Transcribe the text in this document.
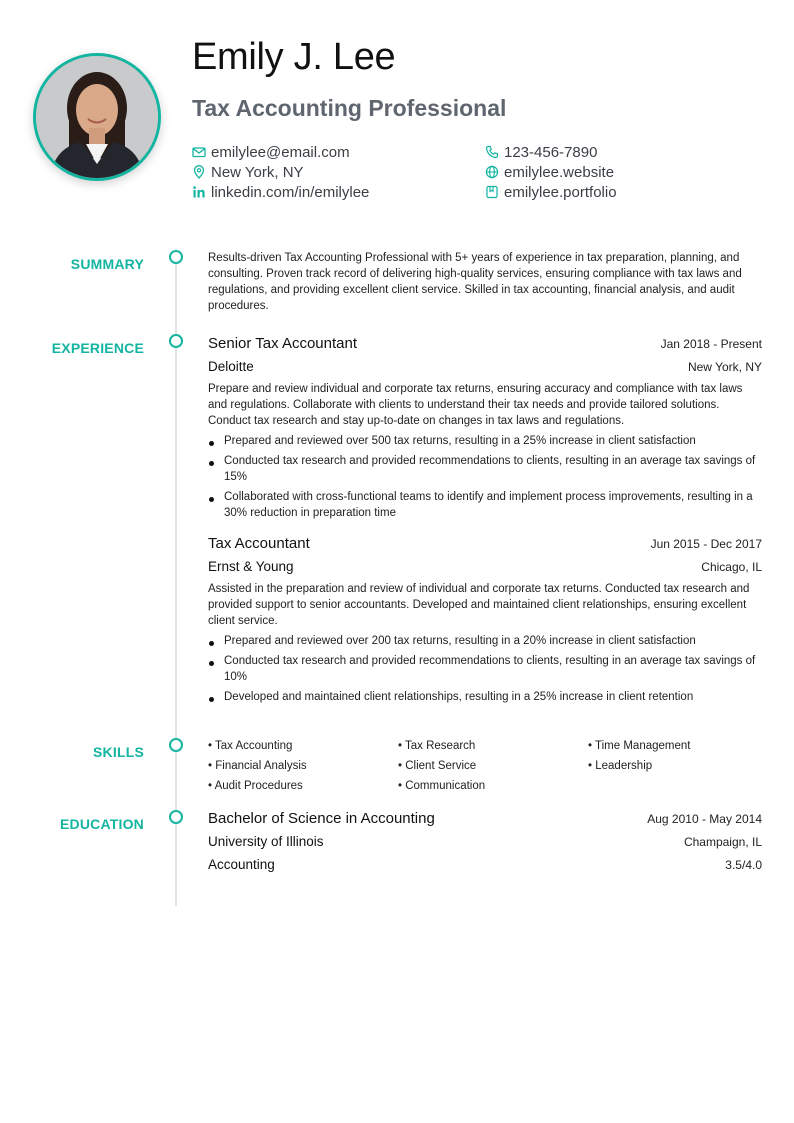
Emily J. Lee
Tax Accounting Professional
emilylee@email.com
New York, NY
linkedin.com/in/emilylee
123-456-7890
emilylee.website
emilylee.portfolio
SUMMARY	Results-driven Tax Accounting Professional with 5+ years of experience in tax preparation, planning, and consulting. Proven track record of delivering high-quality services, ensuring compliance with tax laws and regulations, and providing excellent client service. Skilled in tax accounting, financial analysis, and audit procedures.

EXPERIENCE	Senior Tax Accountant	Jan 2018 - Present
Deloitte	New York, NY

Prepare and review individual and corporate tax returns, ensuring accuracy and compliance with tax laws and regulations. Collaborate with clients to understand their tax needs and provide tailored solutions. Conduct tax research and stay up-to-date on changes in tax laws and regulations.

Prepared and reviewed over 500 tax returns, resulting in a 25% increase in client satisfaction
Conducted tax research and provided recommendations to clients, resulting in an average tax savings of 15%
Collaborated with cross-functional teams to identify and implement process improvements, resulting in a 30% reduction in preparation time
Tax Accountant	Jun 2015 - Dec 2017
Ernst & Young	Chicago, IL

Assisted in the preparation and review of individual and corporate tax returns. Conducted tax research and provided support to senior accountants. Developed and maintained client relationships, ensuring excellent client service.

Prepared and reviewed over 200 tax returns, resulting in a 20% increase in client satisfaction
Conducted tax research and provided recommendations to clients, resulting in an average tax savings of 10%
Developed and maintained client relationships, resulting in a 25% increase in client retention
SKILLS	• Tax Accounting	• Tax Research	• Time Management
• Financial Analysis	• Client Service	• Leadership
• Audit Procedures	• Communication
EDUCATION	Bachelor of Science in Accounting	Aug 2010 - May 2014
University of Illinois	Champaign, IL
Accounting	3.5/4.0
